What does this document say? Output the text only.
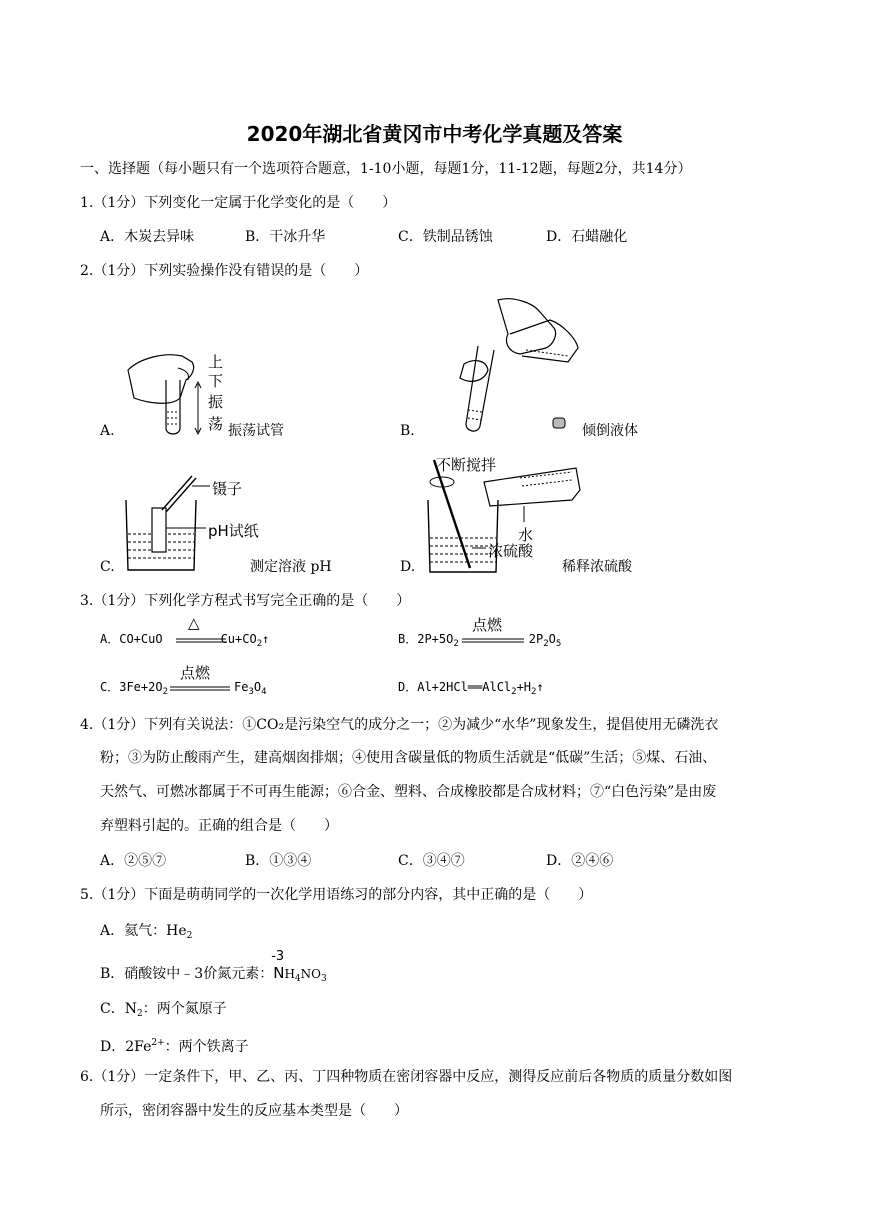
2020年湖北省黄冈市中考化学真题及答案
一、选择题（每小题只有一个选项符合题意，1-10小题，每题1分，11-12题，每题2分，共14分）
1.（1分）下列变化一定属于化学变化的是（　　）
A．木炭去异味	B．干冰升华	C．铁制品锈蚀	D．石蜡融化
2.（1分）下列实验操作没有错误的是（　　）
上
下
振
荡
A.	振荡试管	B.	倾倒液体
镊子
pH试纸
C.	测定溶液 pH
不断搅拌
水
浓硫酸
D.	稀释浓硫酸
3.（1分）下列化学方程式书写完全正确的是（　　）
A．CO+CuO	$Cu+CO_2↑$
△
B．$2P+5O_2$	$2P_2O_5$
点燃
C．$3Fe+2O_2$	$Fe_3O_4$
点燃
D．$Al+2HCl══AlCl_2+H_2↑$
4.（1分）下列有关说法：①CO₂是污染空气的成分之一；②为减少“水华”现象发生，提倡使用无磷洗衣
粉；③为防止酸雨产生，建高烟囱排烟；④使用含碳量低的物质生活就是“低碳”生活；⑤煤、石油、
天然气、可燃冰都属于不可再生能源；⑥合金、塑料、合成橡胶都是合成材料；⑦“白色污染”是由废
弃塑料引起的。正确的组合是（　　）
A．②⑤⑦	B．①③④	C．③④⑦	D．②④⑥
5.（1分）下面是萌萌同学的一次化学用语练习的部分内容，其中正确的是（　　）
A．氦气：$He_2$
B．硝酸铵中﹣3价氮元素：
-3
$NH_4NO_3$
C．$N_2$：两个氮原子
D．$2Fe^{2+}$：两个铁离子
6.（1分）一定条件下，甲、乙、丙、丁四种物质在密闭容器中反应，测得反应前后各物质的质量分数如图
所示，密闭容器中发生的反应基本类型是（　　）
